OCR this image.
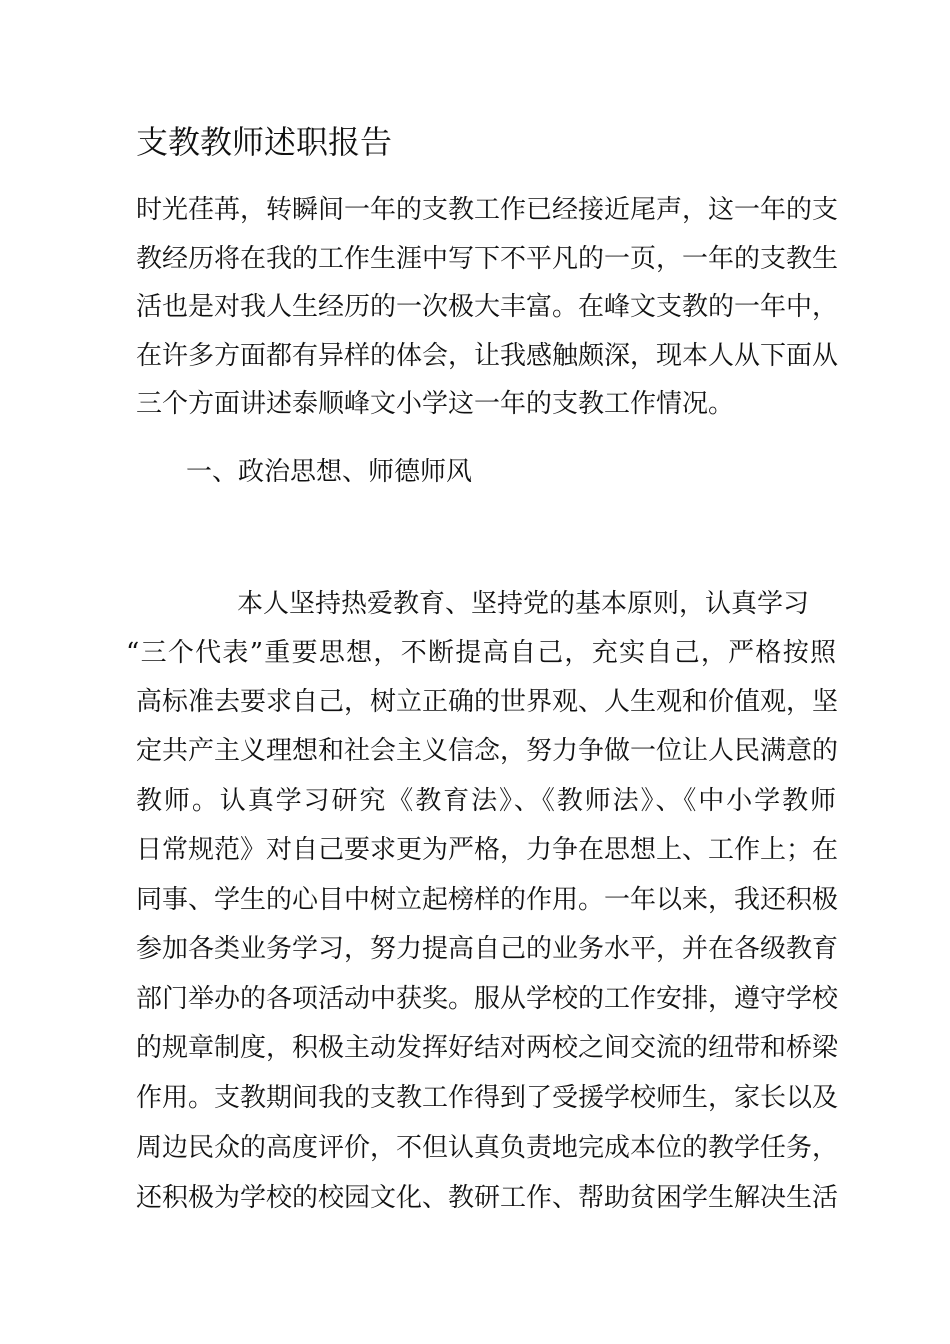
支教教师述职报告

时光荏苒，转瞬间一年的支教工作已经接近尾声，这一年的支

教经历将在我的工作生涯中写下不平凡的一页，一年的支教生

活也是对我人生经历的一次极大丰富。在峰文支教的一年中，

在许多方面都有异样的体会，让我感触颇深，现本人从下面从

三个方面讲述泰顺峰文小学这一年的支教工作情况。

一、政治思想、师德师风

本人坚持热爱教育、坚持党的基本原则，认真学习

“三个代表”重要思想，不断提高自己，充实自己，严格按照

高标准去要求自己，树立正确的世界观、人生观和价值观，坚

定共产主义理想和社会主义信念，努力争做一位让人民满意的

教师。认真学习研究《教育法》、《教师法》、《中小学教师

日常规范》对自己要求更为严格，力争在思想上、工作上；在

同事、学生的心目中树立起榜样的作用。一年以来，我还积极

参加各类业务学习，努力提高自己的业务水平，并在各级教育

部门举办的各项活动中获奖。服从学校的工作安排，遵守学校

的规章制度，积极主动发挥好结对两校之间交流的纽带和桥梁

作用。支教期间我的支教工作得到了受援学校师生，家长以及

周边民众的高度评价，不但认真负责地完成本位的教学任务，

还积极为学校的校园文化、教研工作、帮助贫困学生解决生活
